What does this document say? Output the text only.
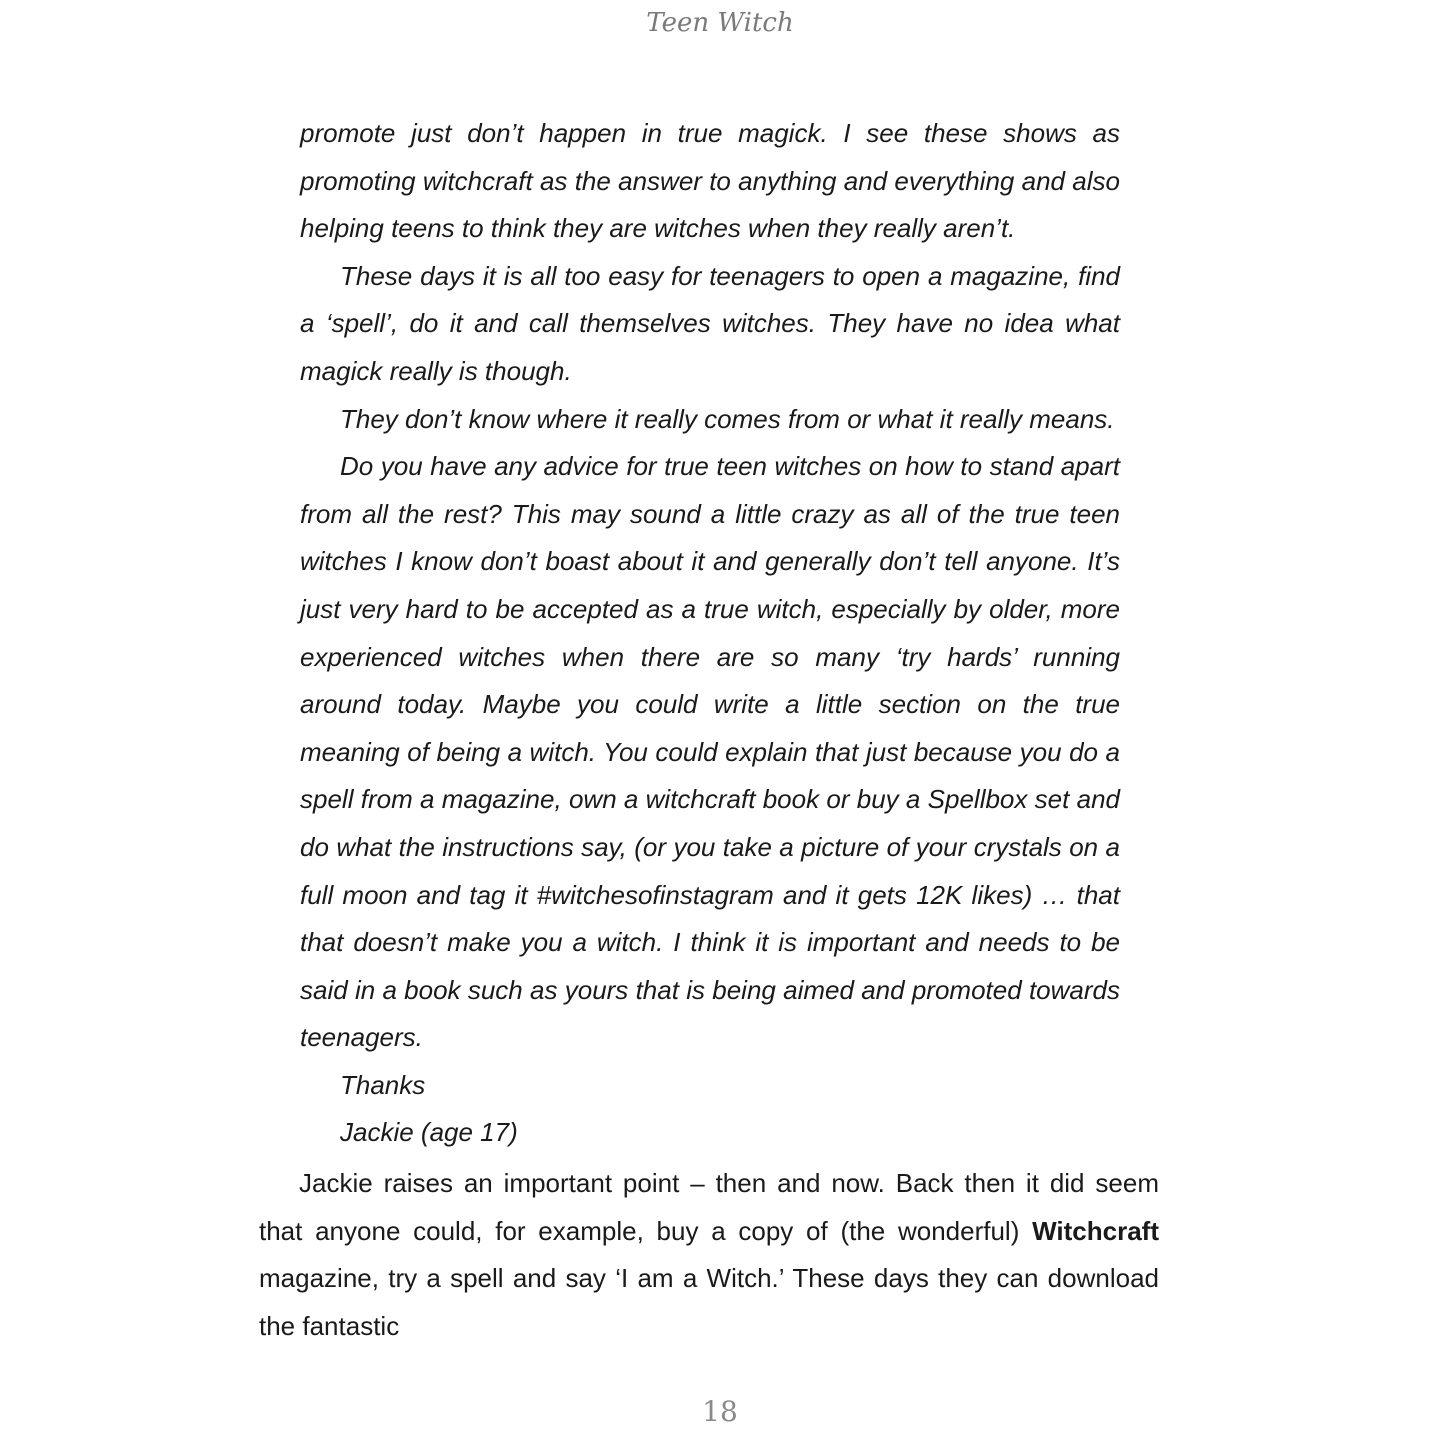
Teen Witch

promote just don’t happen in true magick. I see these shows as promoting witchcraft as the answer to anything and everything and also helping teens to think they are witches when they really aren’t.

These days it is all too easy for teenagers to open a magazine, find a ‘spell’, do it and call themselves witches. They have no idea what magick really is though.

They don’t know where it really comes from or what it really means.

Do you have any advice for true teen witches on how to stand apart from all the rest? This may sound a little crazy as all of the true teen witches I know don’t boast about it and generally don’t tell anyone. It’s just very hard to be accepted as a true witch, especially by older, more experienced witches when there are so many ‘try hards’ running around today. Maybe you could write a little section on the true meaning of being a witch. You could explain that just because you do a spell from a magazine, own a witchcraft book or buy a Spellbox set and do what the instructions say, (or you take a picture of your crystals on a full moon and tag it #witchesofinstagram and it gets 12K likes) … that that doesn’t make you a witch. I think it is important and needs to be said in a book such as yours that is being aimed and promoted towards teenagers.

Thanks

Jackie (age 17)

Jackie raises an important point – then and now. Back then it did seem that anyone could, for example, buy a copy of (the wonderful) Witchcraft magazine, try a spell and say ‘I am a Witch.’ These days they can download the fantastic

18
